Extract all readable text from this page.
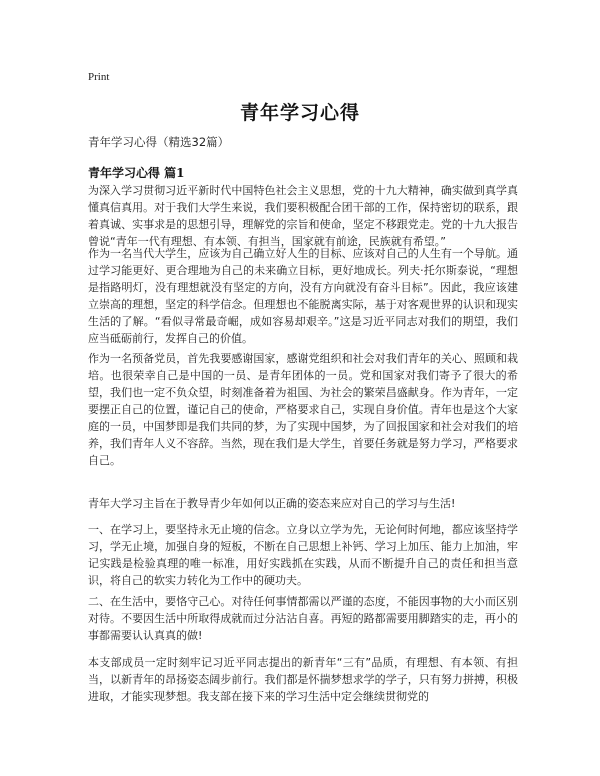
Print
青年学习心得
青年学习心得（精选32篇）
青年学习心得 篇1

为深入学习贯彻习近平新时代中国特色社会主义思想，党的十九大精神，确实做到真学真懂真信真用。对于我们大学生来说，我们要积极配合团干部的工作，保持密切的联系，跟着真诚、实事求是的思想引导，理解党的宗旨和使命，坚定不移跟党走。党的十九大报告曾说“青年一代有理想、有本领、有担当，国家就有前途，民族就有希望。”

作为一名当代大学生，应该为自己确立好人生的目标、应该对自己的人生有一个导航。通过学习能更好、更合理地为自己的未来确立目标，更好地成长。列夫·托尔斯泰说，“理想是指路明灯，没有理想就没有坚定的方向，没有方向就没有奋斗目标”。因此，我应该建立崇高的理想，坚定的科学信念。但理想也不能脱离实际，基于对客观世界的认识和现实生活的了解。“看似寻常最奇崛，成如容易却艰辛。”这是习近平同志对我们的期望，我们应当砥砺前行，发挥自己的价值。

作为一名预备党员，首先我要感谢国家，感谢党组织和社会对我们青年的关心、照顾和栽培。也很荣幸自己是中国的一员、是青年团体的一员。党和国家对我们寄予了很大的希望，我们也一定不负众望，时刻准备着为祖国、为社会的繁荣昌盛献身。作为青年，一定要摆正自己的位置，谨记自己的使命，严格要求自己，实现自身价值。青年也是这个大家庭的一员，中国梦即是我们共同的梦，为了实现中国梦，为了回报国家和社会对我们的培养，我们青年人义不容辞。当然，现在我们是大学生，首要任务就是努力学习，严格要求自己。

青年大学习主旨在于教导青少年如何以正确的姿态来应对自己的学习与生活!

一、在学习上，要坚持永无止境的信念。立身以立学为先，无论何时何地，都应该坚持学习，学无止境，加强自身的短板，不断在自己思想上补钙、学习上加压、能力上加油，牢记实践是检验真理的唯一标准，用好实践抓在实践，从而不断提升自己的责任和担当意识，将自己的软实力转化为工作中的硬功夫。

二、在生活中，要恪守己心。对待任何事情都需以严谨的态度，不能因事物的大小而区别对待。不要因生活中所取得成就而过分沾沾自喜。再短的路都需要用脚踏实的走，再小的事都需要认认真真的做!

本支部成员一定时刻牢记习近平同志提出的新青年“三有”品质，有理想、有本领、有担当，以新青年的昂扬姿态阔步前行。我们都是怀揣梦想求学的学子，只有努力拼搏，积极进取，才能实现梦想。我支部在接下来的学习生活中定会继续贯彻党的
